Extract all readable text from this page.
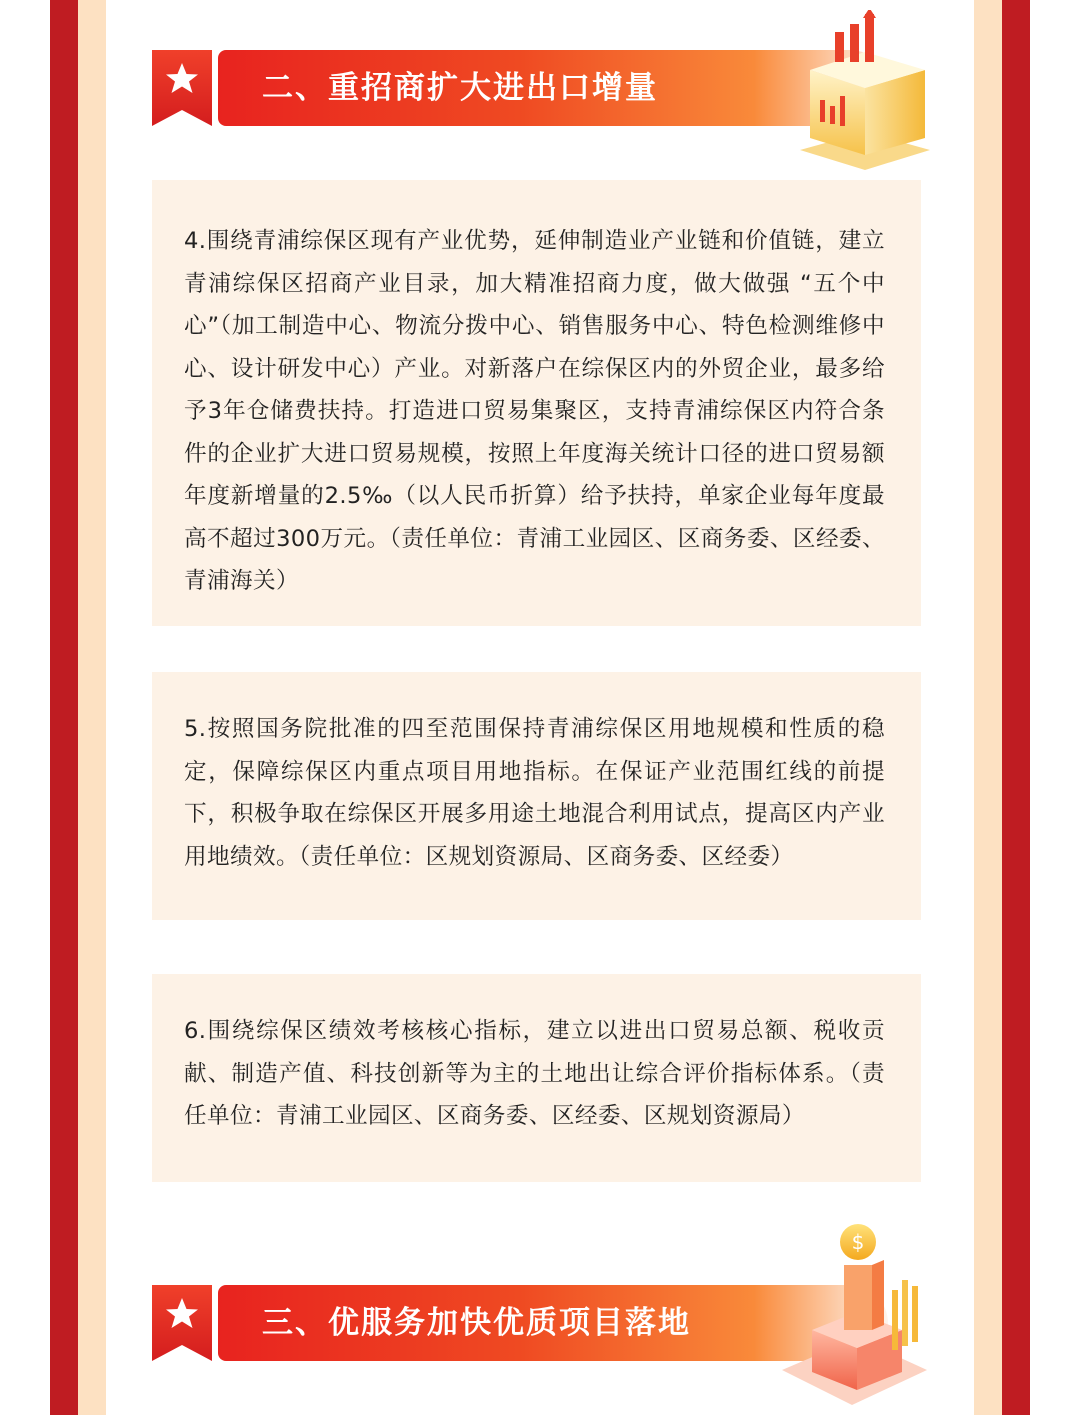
二、重招商扩大进出口增量

4.围绕青浦综保区现有产业优势，延伸制造业产业链和价值链，建立青浦综保区招商产业目录，加大精准招商力度，做大做强 “五个中心”（加工制造中心、物流分拨中心、销售服务中心、特色检测维修中心、设计研发中心）产业。对新落户在综保区内的外贸企业，最多给予3年仓储费扶持。打造进口贸易集聚区，支持青浦综保区内符合条件的企业扩大进口贸易规模，按照上年度海关统计口径的进口贸易额年度新增量的2.5‰（以人民币折算）给予扶持，单家企业每年度最高不超过300万元。（责任单位：青浦工业园区、区商务委、区经委、青浦海关）

5.按照国务院批准的四至范围保持青浦综保区用地规模和性质的稳定，保障综保区内重点项目用地指标。在保证产业范围红线的前提下，积极争取在综保区开展多用途土地混合利用试点，提高区内产业用地绩效。（责任单位：区规划资源局、区商务委、区经委）

6.围绕综保区绩效考核核心指标，建立以进出口贸易总额、税收贡献、制造产值、科技创新等为主的土地出让综合评价指标体系。（责任单位：青浦工业园区、区商务委、区经委、区规划资源局）

三、优服务加快优质项目落地
$
